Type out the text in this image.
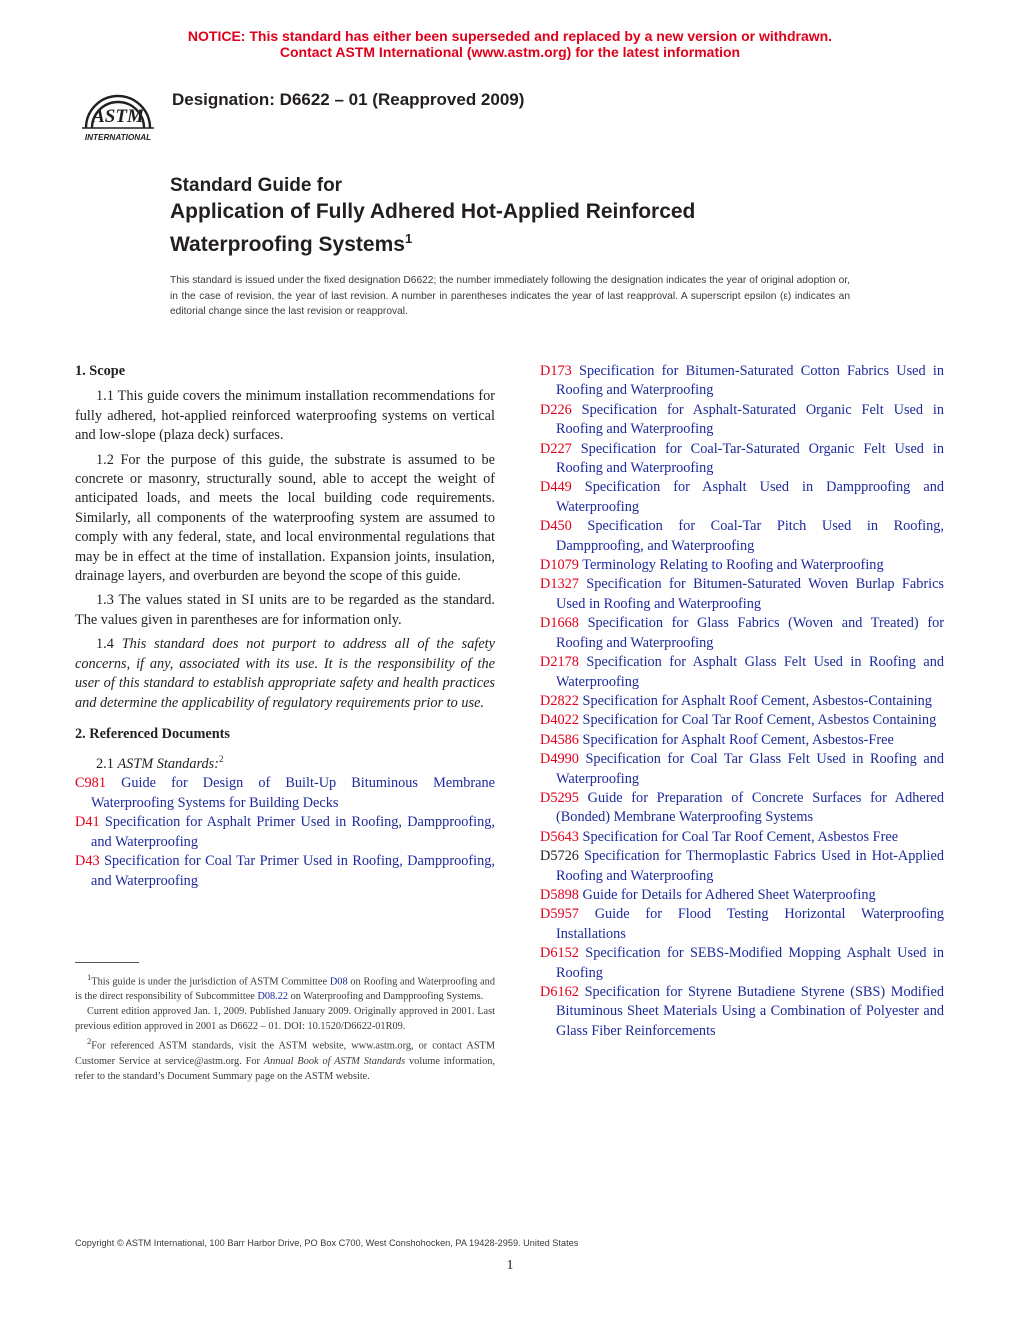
NOTICE: This standard has either been superseded and replaced by a new version or withdrawn.
Contact ASTM International (www.astm.org) for the latest information
ASTM
INTERNATIONAL
Designation: D6622 – 01 (Reapproved 2009)
Standard Guide for
Application of Fully Adhered Hot-Applied Reinforced
Waterproofing Systems$^1$
This standard is issued under the fixed designation D6622; the number immediately following the designation indicates the year of original adoption or, in the case of revision, the year of last revision. A number in parentheses indicates the year of last reapproval. A superscript epsilon (ε) indicates an editorial change since the last revision or reapproval.
1. Scope

1.1 This guide covers the minimum installation recommendations for fully adhered, hot-applied reinforced waterproofing systems on vertical and low-slope (plaza deck) surfaces.

1.2 For the purpose of this guide, the substrate is assumed to be concrete or masonry, structurally sound, able to accept the weight of anticipated loads, and meets the local building code requirements. Similarly, all components of the waterproofing system are assumed to comply with any federal, state, and local environmental regulations that may be in effect at the time of installation. Expansion joints, insulation, drainage layers, and overburden are beyond the scope of this guide.

1.3 The values stated in SI units are to be regarded as the standard. The values given in parentheses are for information only.

1.4 This standard does not purport to address all of the safety concerns, if any, associated with its use. It is the responsibility of the user of this standard to establish appropriate safety and health practices and determine the applicability of regulatory requirements prior to use.

2. Referenced Documents

2.1 ASTM Standards:$^2$

C981 Guide for Design of Built-Up Bituminous Membrane Waterproofing Systems for Building Decks

D41 Specification for Asphalt Primer Used in Roofing, Dampproofing, and Waterproofing

D43 Specification for Coal Tar Primer Used in Roofing, Dampproofing, and Waterproofing

D173 Specification for Bitumen-Saturated Cotton Fabrics Used in Roofing and Waterproofing

D226 Specification for Asphalt-Saturated Organic Felt Used in Roofing and Waterproofing

D227 Specification for Coal-Tar-Saturated Organic Felt Used in Roofing and Waterproofing

D449 Specification for Asphalt Used in Dampproofing and Waterproofing

D450 Specification for Coal-Tar Pitch Used in Roofing, Dampproofing, and Waterproofing

D1079 Terminology Relating to Roofing and Waterproofing

D1327 Specification for Bitumen-Saturated Woven Burlap Fabrics Used in Roofing and Waterproofing

D1668 Specification for Glass Fabrics (Woven and Treated) for Roofing and Waterproofing

D2178 Specification for Asphalt Glass Felt Used in Roofing and Waterproofing

D2822 Specification for Asphalt Roof Cement, Asbestos-Containing

D4022 Specification for Coal Tar Roof Cement, Asbestos Containing

D4586 Specification for Asphalt Roof Cement, Asbestos-Free

D4990 Specification for Coal Tar Glass Felt Used in Roofing and Waterproofing

D5295 Guide for Preparation of Concrete Surfaces for Adhered (Bonded) Membrane Waterproofing Systems

D5643 Specification for Coal Tar Roof Cement, Asbestos Free

D5726 Specification for Thermoplastic Fabrics Used in Hot-Applied Roofing and Waterproofing

D5898 Guide for Details for Adhered Sheet Waterproofing

D5957 Guide for Flood Testing Horizontal Waterproofing Installations

D6152 Specification for SEBS-Modified Mopping Asphalt Used in Roofing

D6162 Specification for Styrene Butadiene Styrene (SBS) Modified Bituminous Sheet Materials Using a Combination of Polyester and Glass Fiber Reinforcements

$^1$This guide is under the jurisdiction of ASTM Committee D08 on Roofing and Waterproofing and is the direct responsibility of Subcommittee D08.22 on Waterproofing and Dampproofing Systems.

Current edition approved Jan. 1, 2009. Published January 2009. Originally approved in 2001. Last previous edition approved in 2001 as D6622 – 01. DOI: 10.1520/D6622-01R09.

$^2$For referenced ASTM standards, visit the ASTM website, www.astm.org, or contact ASTM Customer Service at service@astm.org. For Annual Book of ASTM Standards volume information, refer to the standard’s Document Summary page on the ASTM website.

Copyright © ASTM International, 100 Barr Harbor Drive, PO Box C700, West Conshohocken, PA 19428-2959. United States
1
